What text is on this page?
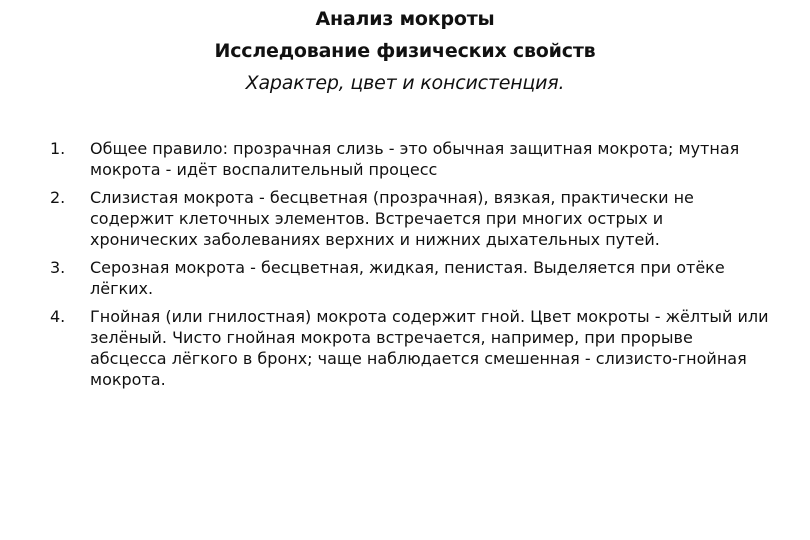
Анализ мокроты
Исследование физических свойств
Характер, цвет и консистенция.
1.	Общее правило: прозрачная слизь - это обычная защитная мокрота; мутная мокрота - идёт воспалительный процесс
2.	Слизистая мокрота - бесцветная (прозрачная), вязкая, практически не содержит клеточных элементов. Встречается при многих острых и хронических заболеваниях верхних и нижних дыхательных путей.
3.	Серозная мокрота - бесцветная, жидкая, пенистая. Выделяется при отёке лёгких.
4.	Гнойная (или гнилостная) мокрота содержит гной. Цвет мокроты - жёлтый или зелёный. Чисто гнойная мокрота встречается, например, при прорыве абсцесса лёгкого в бронх; чаще наблюдается смешенная - слизисто-гнойная мокрота.
